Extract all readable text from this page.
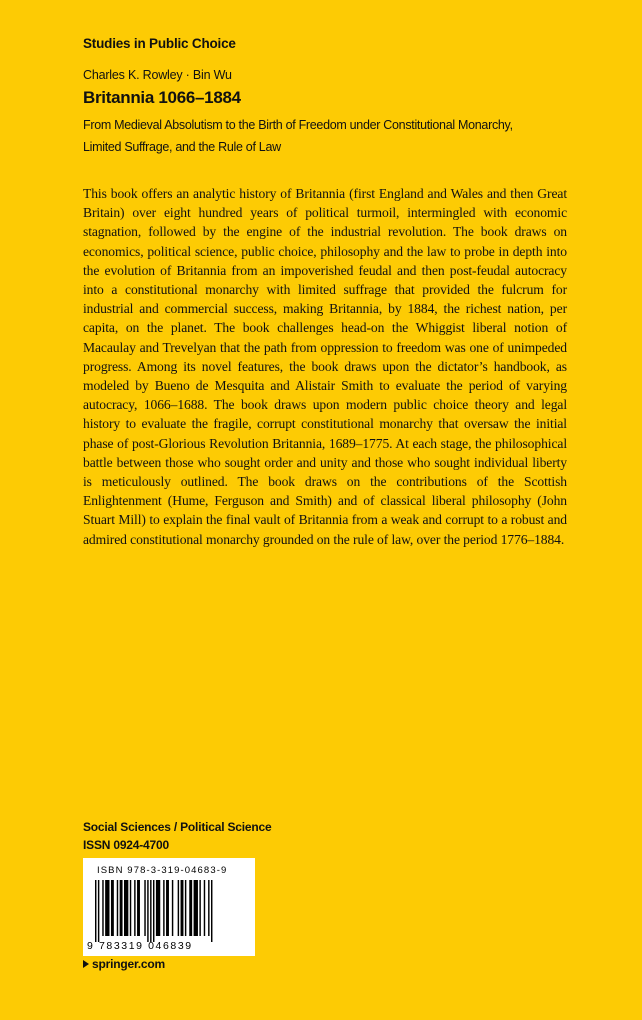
Studies in Public Choice
Charles K. Rowley · Bin Wu
Britannia 1066–1884
From Medieval Absolutism to the Birth of Freedom under Constitutional Monarchy,
Limited Suffrage, and the Rule of Law
This book offers an analytic history of Britannia (first England and Wales and then Great Britain) over eight hundred years of political turmoil, intermingled with economic stagnation, followed by the engine of the industrial revolution. The book draws on economics, political science, public choice, philosophy and the law to probe in depth into the evolution of Britannia from an impoverished feudal and then post-feudal autocracy into a constitutional monarchy with limited suffrage that provided the fulcrum for industrial and commercial success, making Britannia, by 1884, the richest nation, per capita, on the planet. The book challenges head-on the Whiggist liberal notion of Macaulay and Trevelyan that the path from oppression to freedom was one of unimpeded progress. Among its novel features, the book draws upon the dictator’s handbook, as modeled by Bueno de Mesquita and Alistair Smith to evaluate the period of varying autocracy, 1066–1688. The book draws upon modern public choice theory and legal history to evaluate the fragile, corrupt constitutional monarchy that oversaw the initial phase of post-Glorious Revolution Britannia, 1689–1775. At each stage, the philosophical battle between those who sought order and unity and those who sought individual liberty is meticulously outlined. The book draws on the contributions of the Scottish Enlightenment (Hume, Ferguson and Smith) and of classical liberal philosophy (John Stuart Mill) to explain the final vault of Britannia from a weak and corrupt to a robust and admired constitutional monarchy grounded on the rule of law, over the period 1776–1884.
Social Sciences / Political Science
ISSN 0924-4700
ISBN 978-3-319-04683-9
9 783319 046839
springer.com
